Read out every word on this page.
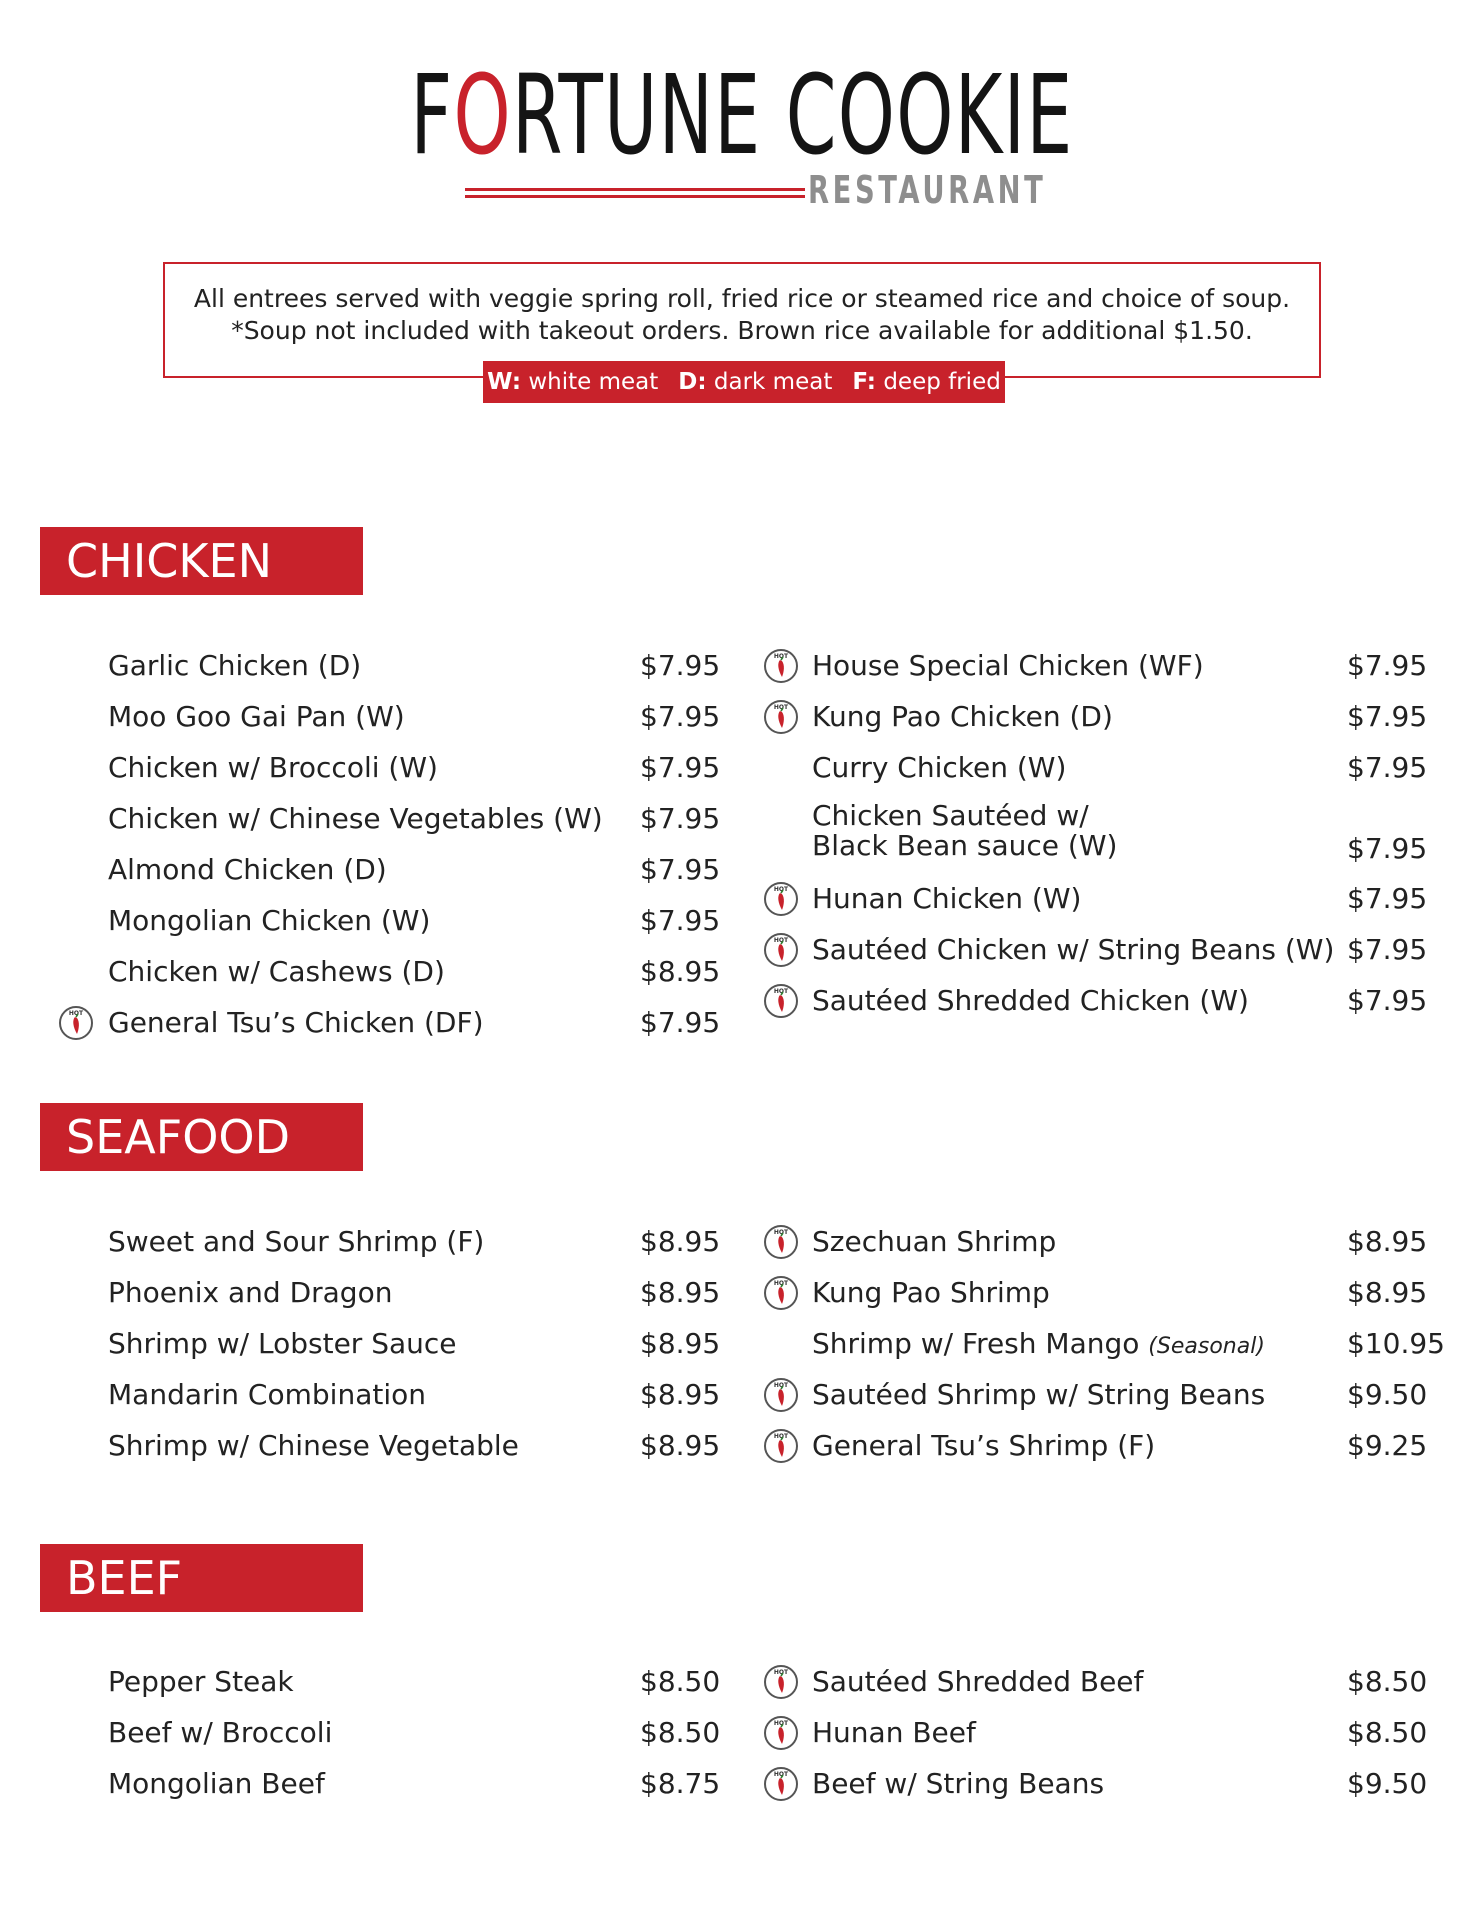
FORTUNE COOKIE
RESTAURANT
All entrees served with veggie spring roll, fried rice or steamed rice and choice of soup.
*Soup not included with takeout orders. Brown rice available for additional $1.50.
W: white meat D: dark meat F: deep fried
CHICKEN
Garlic Chicken (D)	$7.95
Moo Goo Gai Pan (W)	$7.95
Chicken w/ Broccoli (W)	$7.95
Chicken w/ Chinese Vegetables (W) $7.95
Almond Chicken (D)	$7.95
Mongolian Chicken (W)	$7.95
Chicken w/ Cashews (D)	$8.95
HOT General Tsu’s Chicken (DF)	$7.95
HOT House Special Chicken (WF)	$7.95
HOT Kung Pao Chicken (D)	$7.95
Curry Chicken (W)	$7.95
Chicken Sautéed w/
Black Bean sauce (W)	$7.95
HOT Hunan Chicken (W)	$7.95
HOT Sautéed Chicken w/ String Beans (W) $7.95
HOT Sautéed Shredded Chicken (W)	$7.95
SEAFOOD
Sweet and Sour Shrimp (F)	$8.95
Phoenix and Dragon	$8.95
Shrimp w/ Lobster Sauce	$8.95
Mandarin Combination	$8.95
Shrimp w/ Chinese Vegetable	$8.95
HOT Szechuan Shrimp	$8.95
HOT Kung Pao Shrimp	$8.95
Shrimp w/ Fresh Mango (Seasonal)	$10.95
HOT Sautéed Shrimp w/ String Beans	$9.50
HOT General Tsu’s Shrimp (F)	$9.25
BEEF
Pepper Steak	$8.50
Beef w/ Broccoli	$8.50
Mongolian Beef	$8.75
HOT Sautéed Shredded Beef	$8.50
HOT Hunan Beef	$8.50
HOT Beef w/ String Beans	$9.50
